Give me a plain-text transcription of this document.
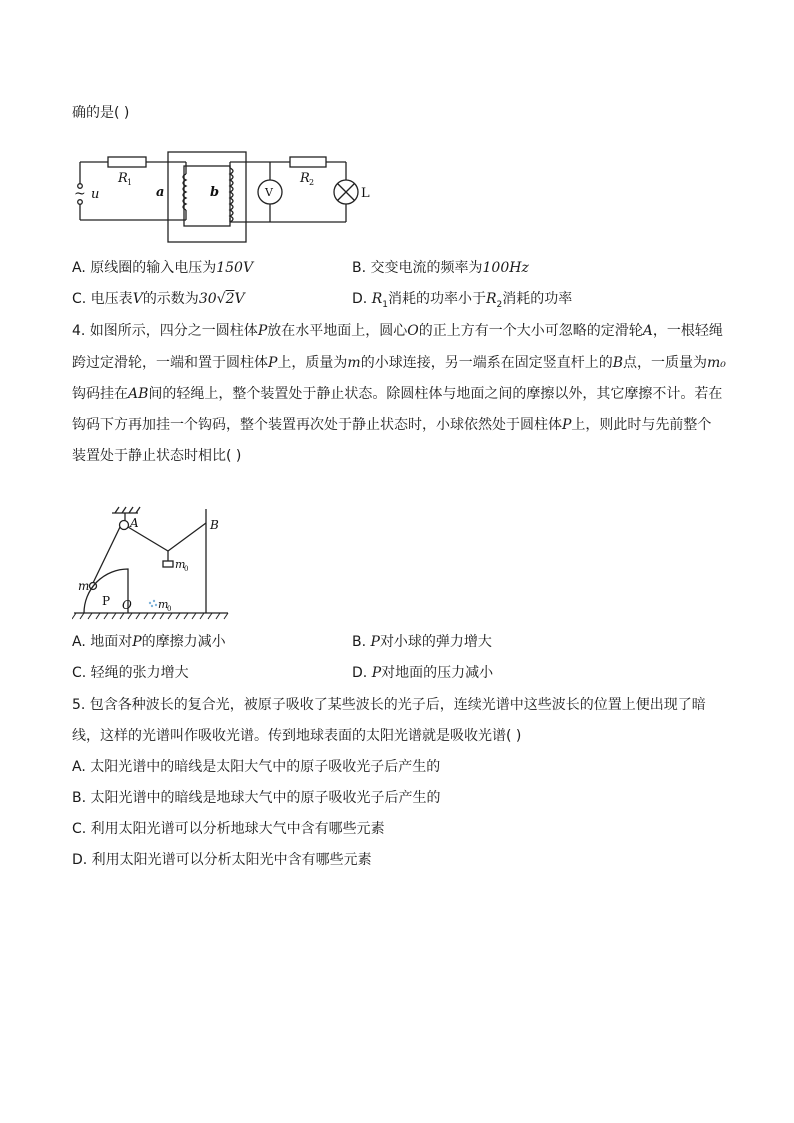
确的是( )
~ u
R 1
a	b	V
R 2
L
A. 原线圈的输入电压为150V	B. 交变电流的频率为100Hz
C. 电压表V的示数为30√2V	D. $R_1$消耗的功率小于$R_2$消耗的功率
4. 如图所示，四分之一圆柱体P放在水平地面上，圆心O的正上方有一个大小可忽略的定滑轮A，一根轻绳
跨过定滑轮，一端和置于圆柱体P上，质量为m的小球连接，另一端系在固定竖直杆上的B点，一质量为m₀
钩码挂在AB间的轻绳上，整个装置处于静止状态。除圆柱体与地面之间的摩擦以外，其它摩擦不计。若在
钩码下方再加挂一个钩码，整个装置再次处于静止状态时，小球依然处于圆柱体P上，则此时与先前整个
装置处于静止状态时相比( )
A	B
m
P O
m
0
m
0
A. 地面对P的摩擦力减小	B. P对小球的弹力增大
C. 轻绳的张力增大	D. P对地面的压力减小
5. 包含各种波长的复合光，被原子吸收了某些波长的光子后，连续光谱中这些波长的位置上便出现了暗
线，这样的光谱叫作吸收光谱。传到地球表面的太阳光谱就是吸收光谱( )
A. 太阳光谱中的暗线是太阳大气中的原子吸收光子后产生的
B. 太阳光谱中的暗线是地球大气中的原子吸收光子后产生的
C. 利用太阳光谱可以分析地球大气中含有哪些元素
D. 利用太阳光谱可以分析太阳光中含有哪些元素
